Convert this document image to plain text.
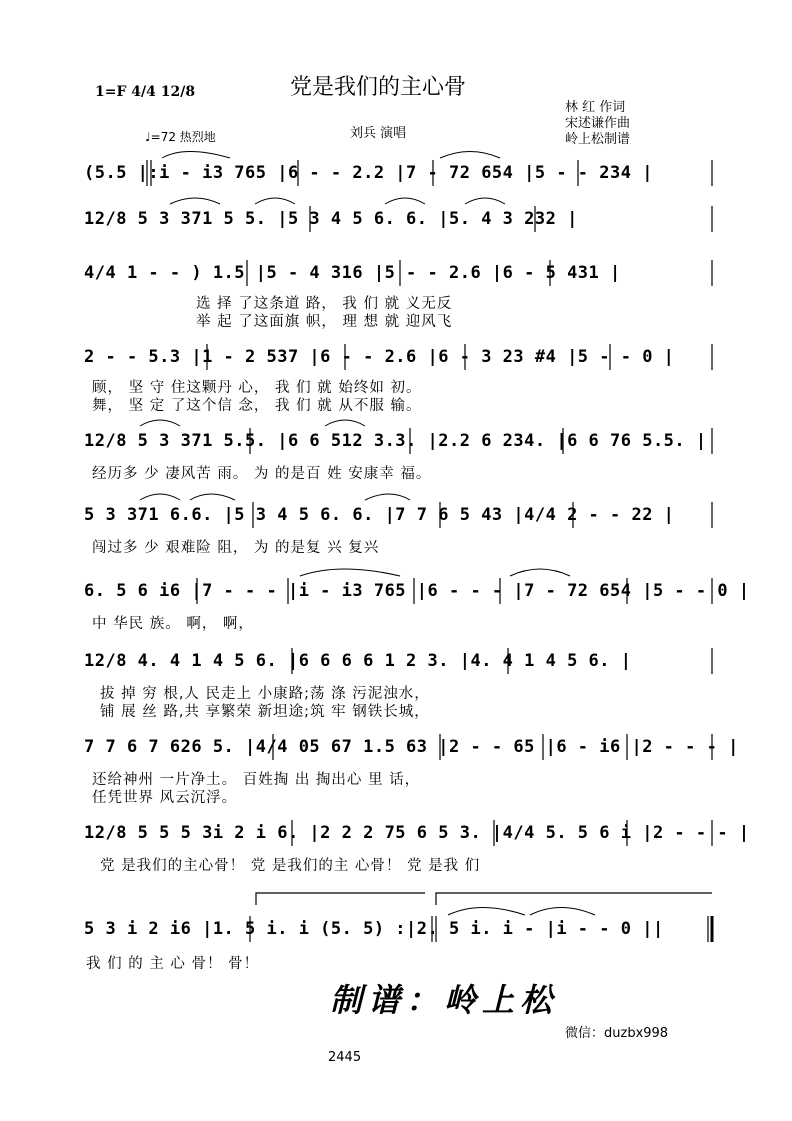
1=F 4/4 12/8	党是我们的主心骨
林 红 作词
宋述谦作曲
岭上松制谱
♩=72 热烈地	刘兵 演唱
(5.5 |:i - i3 765 |6 - - 2.2 |7 - 72 654 |5 - - 234 |
12/8 5 3 371 5 5. |5 3 4 5 6. 6. |5. 4 3 232 |
4/4 1 - - ) 1.5 |5 - 4 316 |5 - - 2.6 |6 - 5 431 |
选 择 了这条道 路， 我 们 就 义无反
举 起 了这面旗 帜， 理 想 就 迎风飞
2 - - 5.3 |1 - 2 537 |6 - - 2.6 |6 - 3 23 #4 |5 - - 0 |
顾， 坚 守 住这颗丹 心， 我 们 就 始终如 初。
舞， 坚 定 了这个信 念， 我 们 就 从不服 输。
12/8 5 3 371 5.5. |6 6 512 3.3. |2.2 6 234. |6 6 76 5.5. |
经历多 少 凄风苦 雨。 为 的是百 姓 安康幸 福。
5 3 371 6.6. |5 3 4 5 6. 6. |7 7 6 5 43 |4/4 2 - - 22 |
闯过多 少 艰难险 阻， 为 的是复 兴 复兴
6. 5 6 i6 |7 - - - |i - i3 765 |6 - - - |7 - 72 654 |5 - - 0 |
中 华民 族。 啊， 啊，
12/8 4. 4 1 4 5 6. |6 6 6 6 1 2 3. |4. 4 1 4 5 6. |
拔 掉 穷 根,人 民走上 小康路;荡 涤 污泥浊水，
铺 展 丝 路,共 享繁荣 新坦途;筑 牢 钢铁长城，
7 7 6 7 626 5. |4/4 05 67 1.5 63 |2 - - 65 |6 - i6 |2 - - - |
还给神州 一片净土。 百姓掏 出 掏出心 里 话，
任凭世界 风云沉浮。
12/8 5 5 5 3i 2 i 6. |2 2 2 75 6 5 3. |4/4 5. 5 6 i |2 - - - |
党 是我们的主心骨！ 党 是我们的主 心骨！ 党 是我 们
5 3 i 2 i6 |1. 5 i. i (5. 5) :|2. 5 i. i - |i - - 0 ||
我 们 的 主 心 骨！ 骨！
制谱：岭上松
微信：duzbx998
2445
